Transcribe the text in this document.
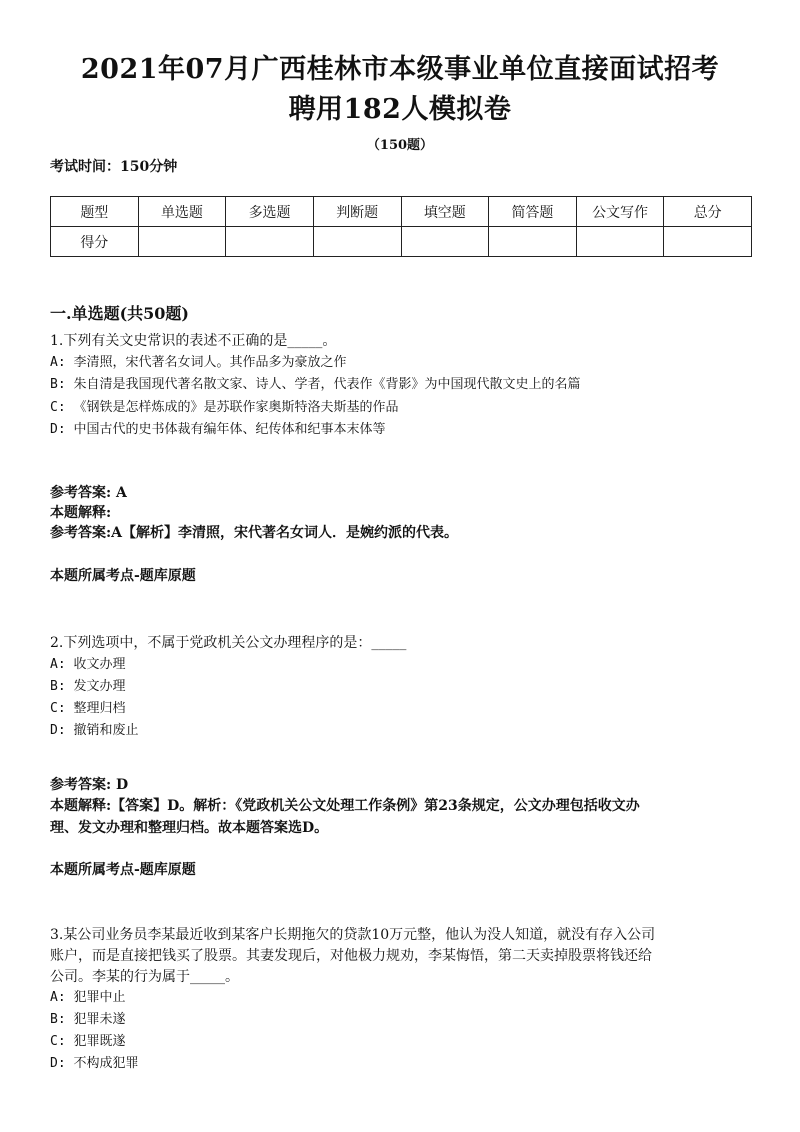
2021年07月广西桂林市本级事业单位直接面试招考
聘用182人模拟卷
（150题）
考试时间：150分钟
题型	单选题	多选题	判断题	填空题	简答题	公文写作	总分
得分							
一.单选题(共50题)
1.下列有关文史常识的表述不正确的是_____。
A: 李清照，宋代著名女词人。其作品多为豪放之作
B: 朱自清是我国现代著名散文家、诗人、学者，代表作《背影》为中国现代散文史上的名篇
C: 《钢铁是怎样炼成的》是苏联作家奥斯特洛夫斯基的作品
D: 中国古代的史书体裁有编年体、纪传体和纪事本末体等
参考答案: A
本题解释:
参考答案:A【解析】李清照，宋代著名女词人．是婉约派的代表。
本题所属考点-题库原题
2.下列选项中，不属于党政机关公文办理程序的是：_____
A: 收文办理
B: 发文办理
C: 整理归档
D: 撤销和废止
参考答案: D
本题解释:【答案】D。解析：《党政机关公文处理工作条例》第23条规定，公文办理包括收文办
理、发文办理和整理归档。故本题答案选D。
本题所属考点-题库原题
3.某公司业务员李某最近收到某客户长期拖欠的贷款10万元整，他认为没人知道，就没有存入公司
账户，而是直接把钱买了股票。其妻发现后，对他极力规劝，李某悔悟，第二天卖掉股票将钱还给
公司。李某的行为属于_____。
A: 犯罪中止
B: 犯罪未遂
C: 犯罪既遂
D: 不构成犯罪
